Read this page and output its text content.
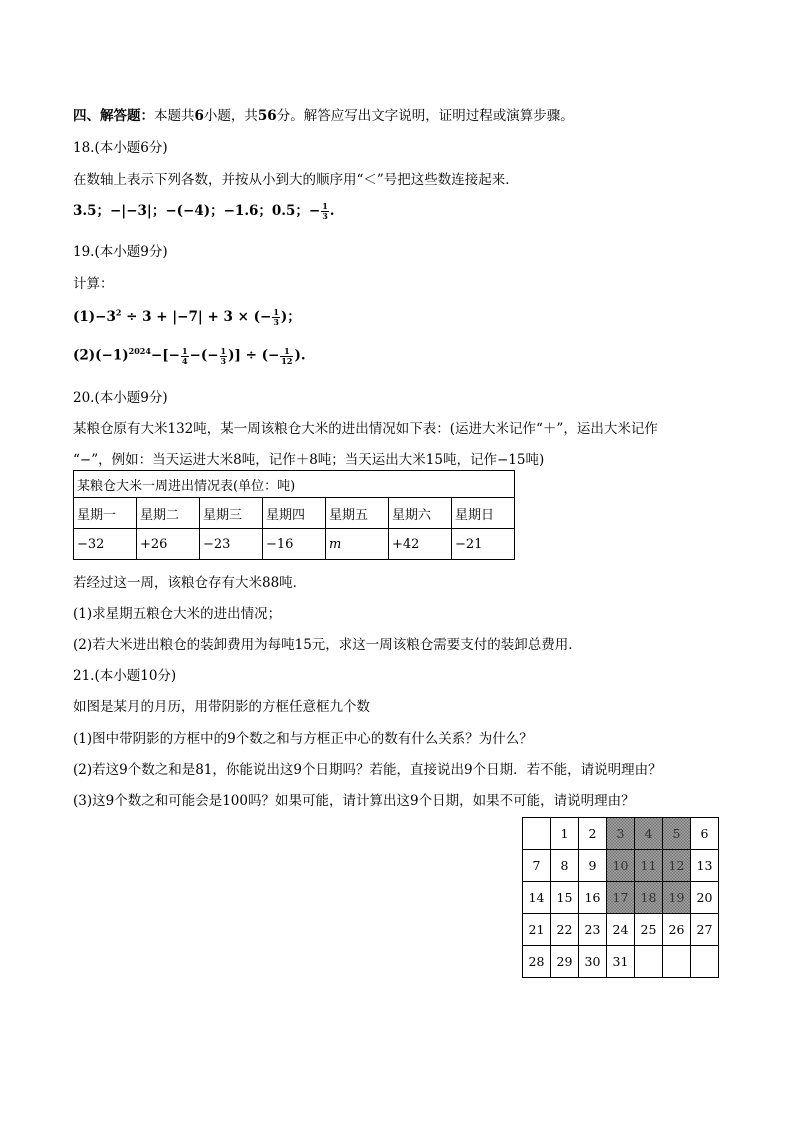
四、解答题：本题共6小题，共56分。解答应写出文字说明，证明过程或演算步骤。
18.(本小题6分)
在数轴上表示下列各数，并按从小到大的顺序用“＜”号把这些数连接起来．
3.5；−|−3|；−(−4)；−1.6；0.5；− $\frac{1}{3}$ .
19.(本小题9分)
计算：
$(1)-3^2 \div 3 + |-7| + 3$ × (− $\frac{1}{3}$ )；
$(2)(-1)^{2024}-[- \frac{1}{4}$ −(− $\frac{1}{3}$ )] ÷ (− $\frac{1}{12}$ ).
20.(本小题9分)
某粮仓原有大米132吨，某一周该粮仓大米的进出情况如下表：(运进大米记作“＋”，运出大米记作
“−”，例如：当天运进大米8吨，记作＋8吨；当天运出大米15吨，记作−15吨)
某粮仓大米一周进出情况表(单位：吨)						
星期一	星期二	星期三	星期四	星期五	星期六	星期日
−32	+26	−23	−16	m	+42	−21
若经过这一周，该粮仓存有大米88吨．
(1)求星期五粮仓大米的进出情况；
(2)若大米进出粮仓的装卸费用为每吨15元，求这一周该粮仓需要支付的装卸总费用．
21.(本小题10分)
如图是某月的月历，用带阴影的方框任意框九个数
(1)图中带阴影的方框中的9个数之和与方框正中心的数有什么关系？为什么？
(2)若这9个数之和是81，你能说出这9个日期吗？若能，直接说出9个日期．若不能，请说明理由？
(3)这9个数之和可能会是100吗？如果可能，请计算出这9个日期，如果不可能，请说明理由？
	1	2	3	4	5	6
7	8	9	10	11	12	13
14	15	16	17	18	19	20
21	22	23	24	25	26	27
28	29	30	31			
